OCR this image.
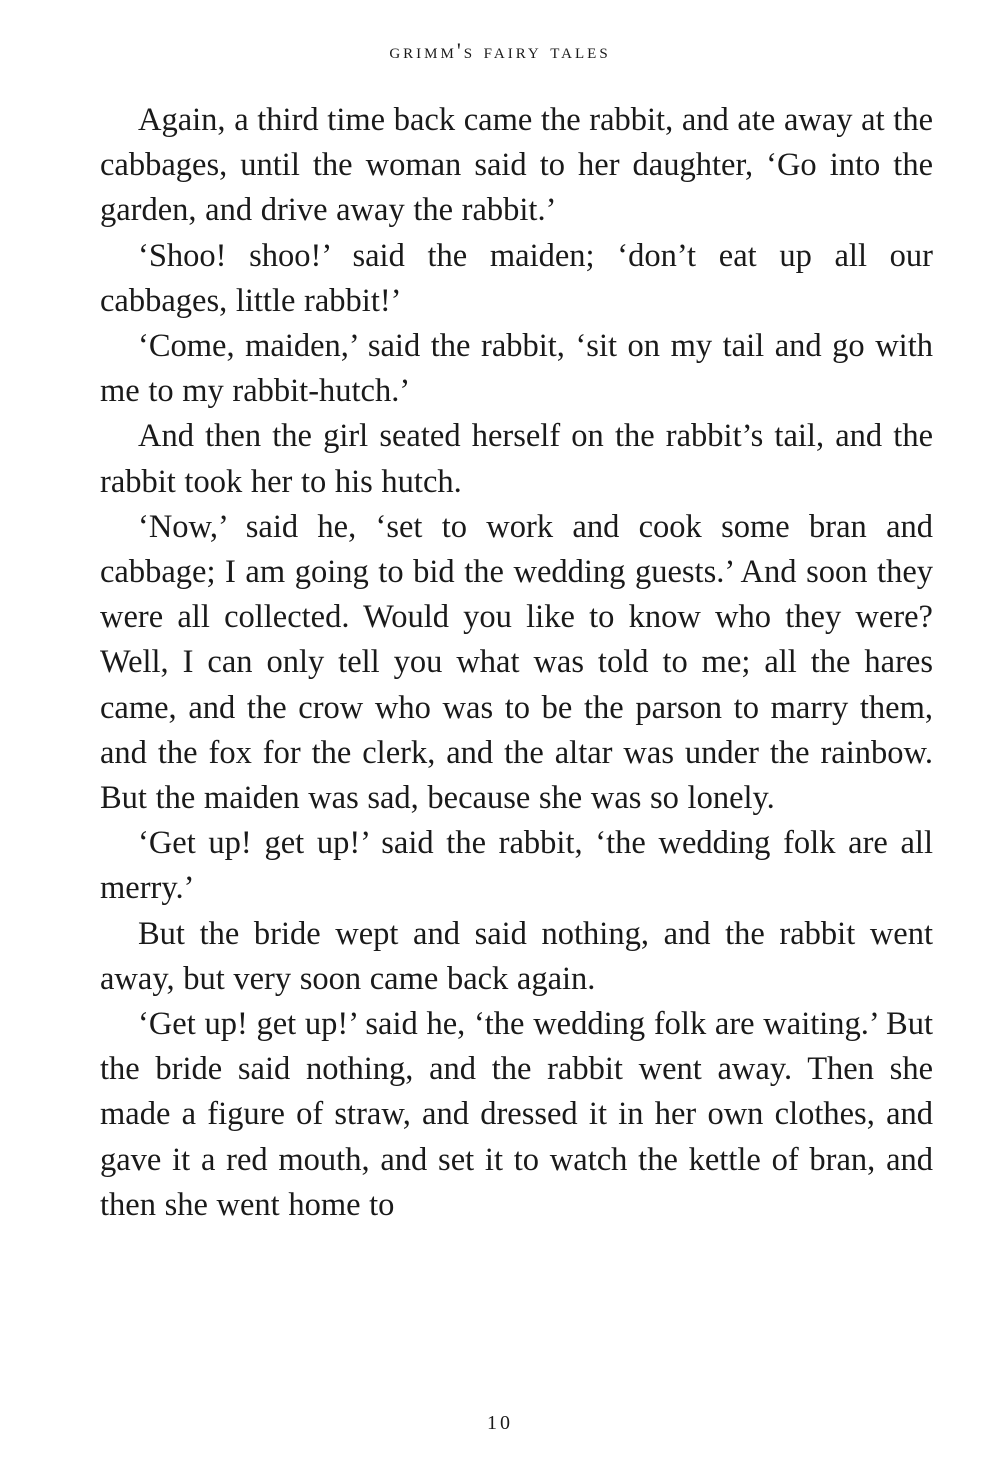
grimm's fairy tales

Again, a third time back came the rabbit, and ate away at the cabbages, until the woman said to her daughter, ‘Go into the garden, and drive away the rabbit.’

‘Shoo! shoo!’ said the maiden; ‘don’t eat up all our cabbages, little rabbit!’

‘Come, maiden,’ said the rabbit, ‘sit on my tail and go with me to my rabbit-hutch.’

And then the girl seated herself on the rabbit’s tail, and the rabbit took her to his hutch.

‘Now,’ said he, ‘set to work and cook some bran and cabbage; I am going to bid the wedding guests.’ And soon they were all collected. Would you like to know who they were? Well, I can only tell you what was told to me; all the hares came, and the crow who was to be the parson to marry them, and the fox for the clerk, and the altar was under the rainbow. But the maiden was sad, because she was so lonely.

‘Get up! get up!’ said the rabbit, ‘the wedding folk are all merry.’

But the bride wept and said nothing, and the rabbit went away, but very soon came back again.

‘Get up! get up!’ said he, ‘the wedding folk are waiting.’ But the bride said nothing, and the rabbit went away. Then she made a figure of straw, and dressed it in her own clothes, and gave it a red mouth, and set it to watch the kettle of bran, and then she went home to

10
